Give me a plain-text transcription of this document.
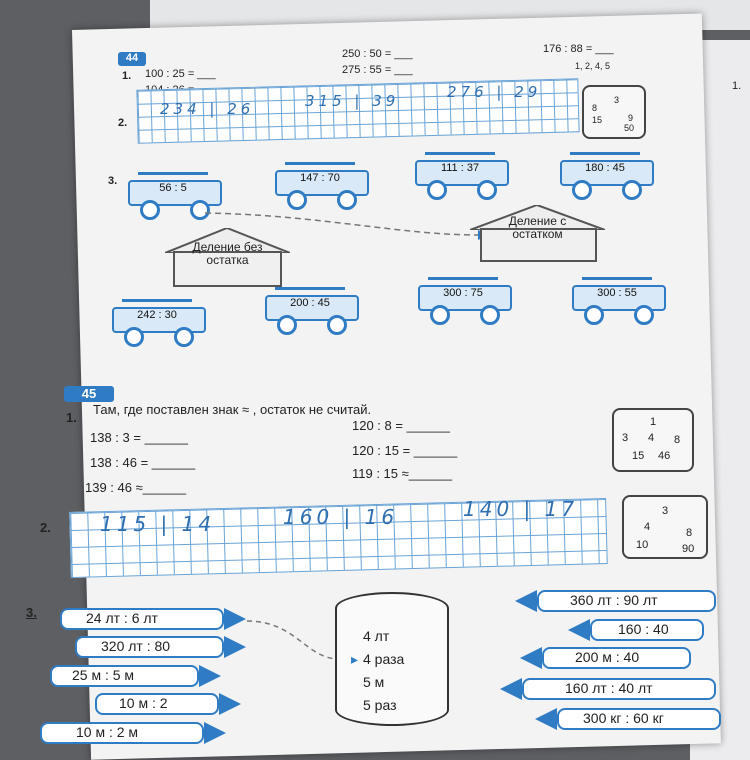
1.
44
1. 100 : 25 = ___
250 : 50 = ___
275 : 55 = ___
176 : 88 = ___
1, 2, 4, 5
2.
234 | 26	315 | 39	276 | 29	3
8
15	9
50
3.
56 : 5
147 : 70
111 : 37	180 : 45
Деление без остатка
Деление с остатком
242 : 30
200 : 45
300 : 75	300 : 55
45
1.
Там, где поставлен знак ≈ , остаток не считай.
138 : 3 = ______
138 : 46 = ______
139 : 46 ≈______
120 : 8 = ______
120 : 15 = ______
119 : 15 ≈______
1
3 4 8
15 46
2. 115 | 14	160 | 16	140 | 17	3
4	8
10	90
3.	24 лт : 6 лт
320 лт : 80
25 м : 5 м
10 м : 2
10 м : 2 м
4 лт
▸ 4 раза
5 м
5 раз
360 лт : 90 лт
160 : 40
200 м : 40
160 лт : 40 лт
300 кг : 60 кг
